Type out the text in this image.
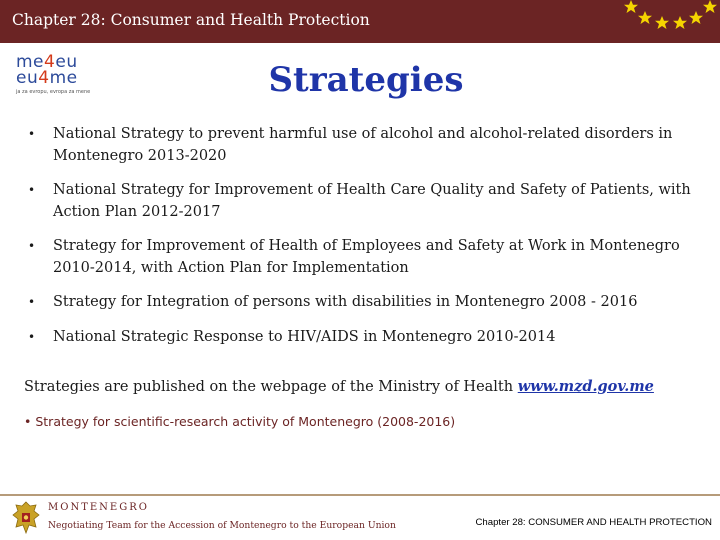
Chapter 28: Consumer and Health Protection
me4eu
eu4me
ja za evropu, evropa za mene	Strategies
• National Strategy to prevent harmful use of alcohol and alcohol-related disorders in Montenegro 2013-2020
• National Strategy for Improvement of Health Care Quality and Safety of Patients, with Action Plan 2012-2017
• Strategy for Improvement of Health of Employees and Safety at Work in Montenegro 2010-2014, with Action Plan for Implementation
• Strategy for Integration of persons with disabilities in Montenegro 2008 - 2016
• National Strategic Response to HIV/AIDS in Montenegro 2010-2014
Strategies are published on the webpage of the Ministry of Health www.mzd.gov.me
• Strategy for scientific-research activity of Montenegro (2008-2016)
MONTENEGRO
Negotiating Team for the Accession of Montenegro to the European Union	Chapter 28: CONSUMER AND HEALTH PROTECTION
